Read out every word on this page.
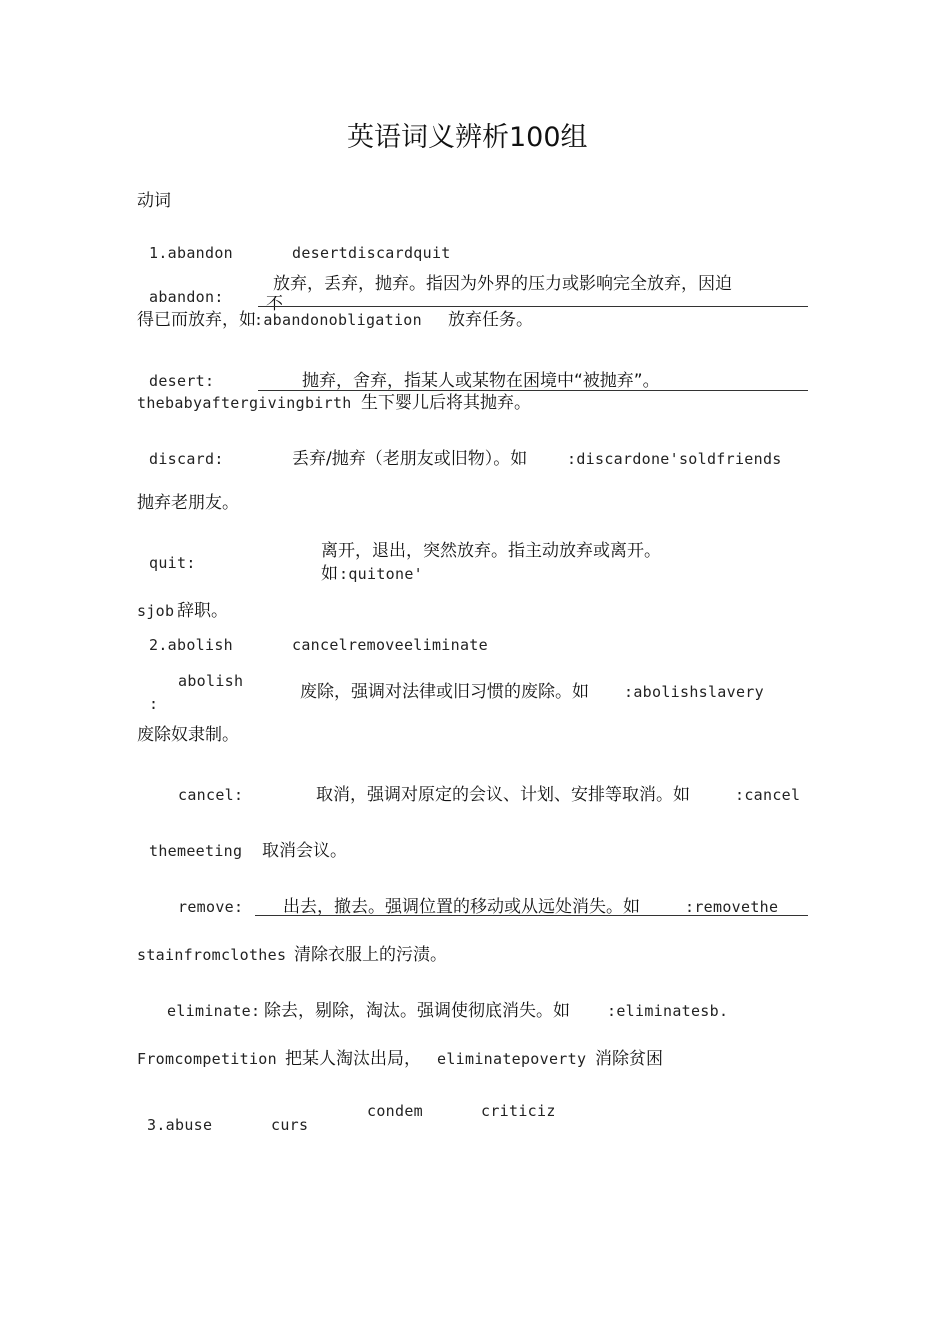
英语词义辨析100组
动词
1.abandon	desertdiscardquit
abandon:
放弃，丢弃，抛弃。指因为外界的压力或影响完全放弃，因迫
不
得已而放弃，如
:abandonobligation 放弃任务。
desert:	抛弃，舍弃，指某人或某物在困境中“被抛弃”。
thebabyaftergivingbirth 生下婴儿后将其抛弃。
discard:	丢弃/抛弃（老朋友或旧物）。如	:discardone'soldfriends
抛弃老朋友。
quit:
离开，退出，突然放弃。指主动放弃或离开。
如 :quitone'
sjob 辞职。
2.abolish	cancelremoveeliminate
abolish
:
废除，强调对法律或旧习惯的废除。如 :abolishslavery
废除奴隶制。
cancel:	取消，强调对原定的会议、计划、安排等取消。如	:cancel
themeeting 取消会议。
remove: 出去，撤去。强调位置的移动或从远处消失。如	:removethe
stainfromclothes 清除衣服上的污渍。
eliminate: 除去，剔除，淘汰。强调使彻底消失。如 :eliminatesb.
Fromcompetition 把某人淘汰出局， eliminatepoverty 消除贫困
condem	criticiz
3.abuse	curs
